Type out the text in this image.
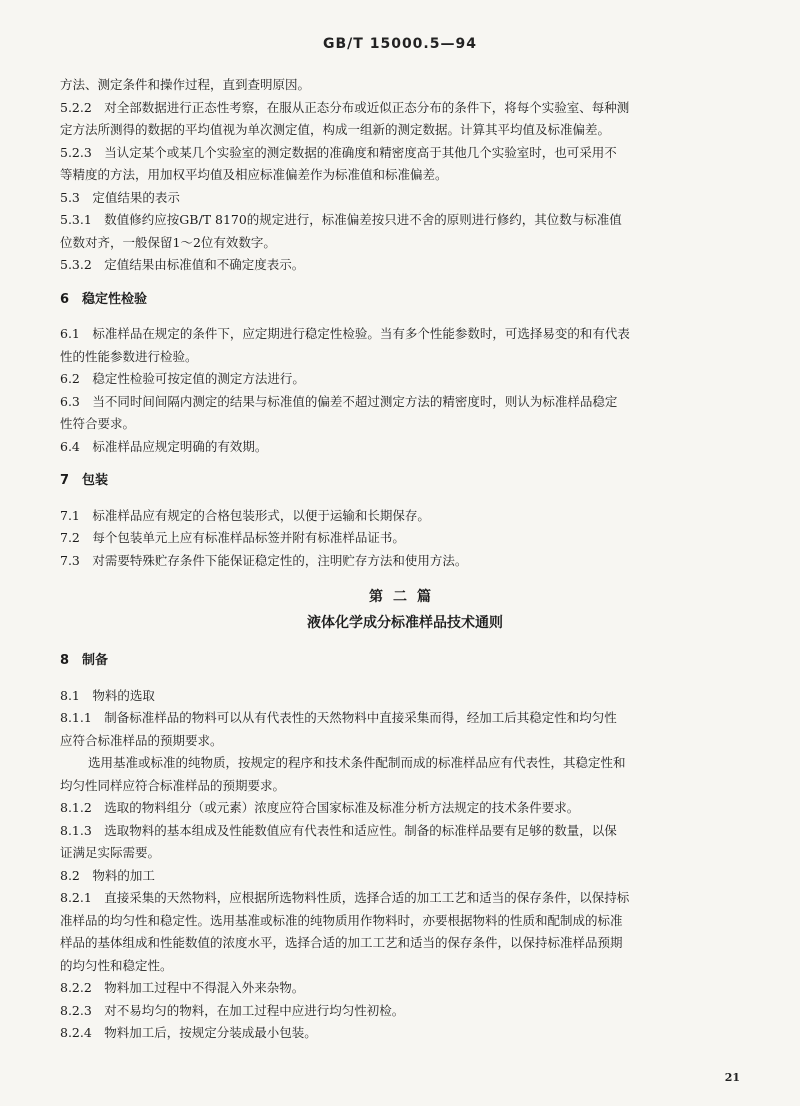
GB/T 15000.5—94
方法、测定条件和操作过程，直到查明原因。
5.2.2　对全部数据进行正态性考察，在服从正态分布或近似正态分布的条件下，将每个实验室、每种测
定方法所测得的数据的平均值视为单次测定值，构成一组新的测定数据。计算其平均值及标准偏差。
5.2.3　当认定某个或某几个实验室的测定数据的准确度和精密度高于其他几个实验室时，也可采用不
等精度的方法，用加权平均值及相应标准偏差作为标准值和标准偏差。
5.3　定值结果的表示
5.3.1　数值修约应按GB/T 8170的规定进行，标准偏差按只进不舍的原则进行修约，其位数与标准值
位数对齐，一般保留1～2位有效数字。
5.3.2　定值结果由标准值和不确定度表示。
6　稳定性检验
6.1　标准样品在规定的条件下，应定期进行稳定性检验。当有多个性能参数时，可选择易变的和有代表
性的性能参数进行检验。
6.2　稳定性检验可按定值的测定方法进行。
6.3　当不同时间间隔内测定的结果与标准值的偏差不超过测定方法的精密度时，则认为标准样品稳定
性符合要求。
6.4　标准样品应规定明确的有效期。
7　包装
7.1　标准样品应有规定的合格包装形式，以便于运输和长期保存。
7.2　每个包装单元上应有标准样品标签并附有标准样品证书。
7.3　对需要特殊贮存条件下能保证稳定性的，注明贮存方法和使用方法。
第二篇
液体化学成分标准样品技术通则
8　制备
8.1　物料的选取
8.1.1　制备标准样品的物料可以从有代表性的天然物料中直接采集而得，经加工后其稳定性和均匀性
应符合标准样品的预期要求。
选用基准或标准的纯物质，按规定的程序和技术条件配制而成的标准样品应有代表性，其稳定性和
均匀性同样应符合标准样品的预期要求。
8.1.2　选取的物料组分（或元素）浓度应符合国家标准及标准分析方法规定的技术条件要求。
8.1.3　选取物料的基本组成及性能数值应有代表性和适应性。制备的标准样品要有足够的数量，以保
证满足实际需要。
8.2　物料的加工
8.2.1　直接采集的天然物料，应根据所选物料性质，选择合适的加工工艺和适当的保存条件，以保持标
准样品的均匀性和稳定性。选用基准或标准的纯物质用作物料时，亦要根据物料的性质和配制成的标准
样品的基体组成和性能数值的浓度水平，选择合适的加工工艺和适当的保存条件，以保持标准样品预期
的均匀性和稳定性。
8.2.2　物料加工过程中不得混入外来杂物。
8.2.3　对不易均匀的物料，在加工过程中应进行均匀性初检。
8.2.4　物料加工后，按规定分装成最小包装。
21
